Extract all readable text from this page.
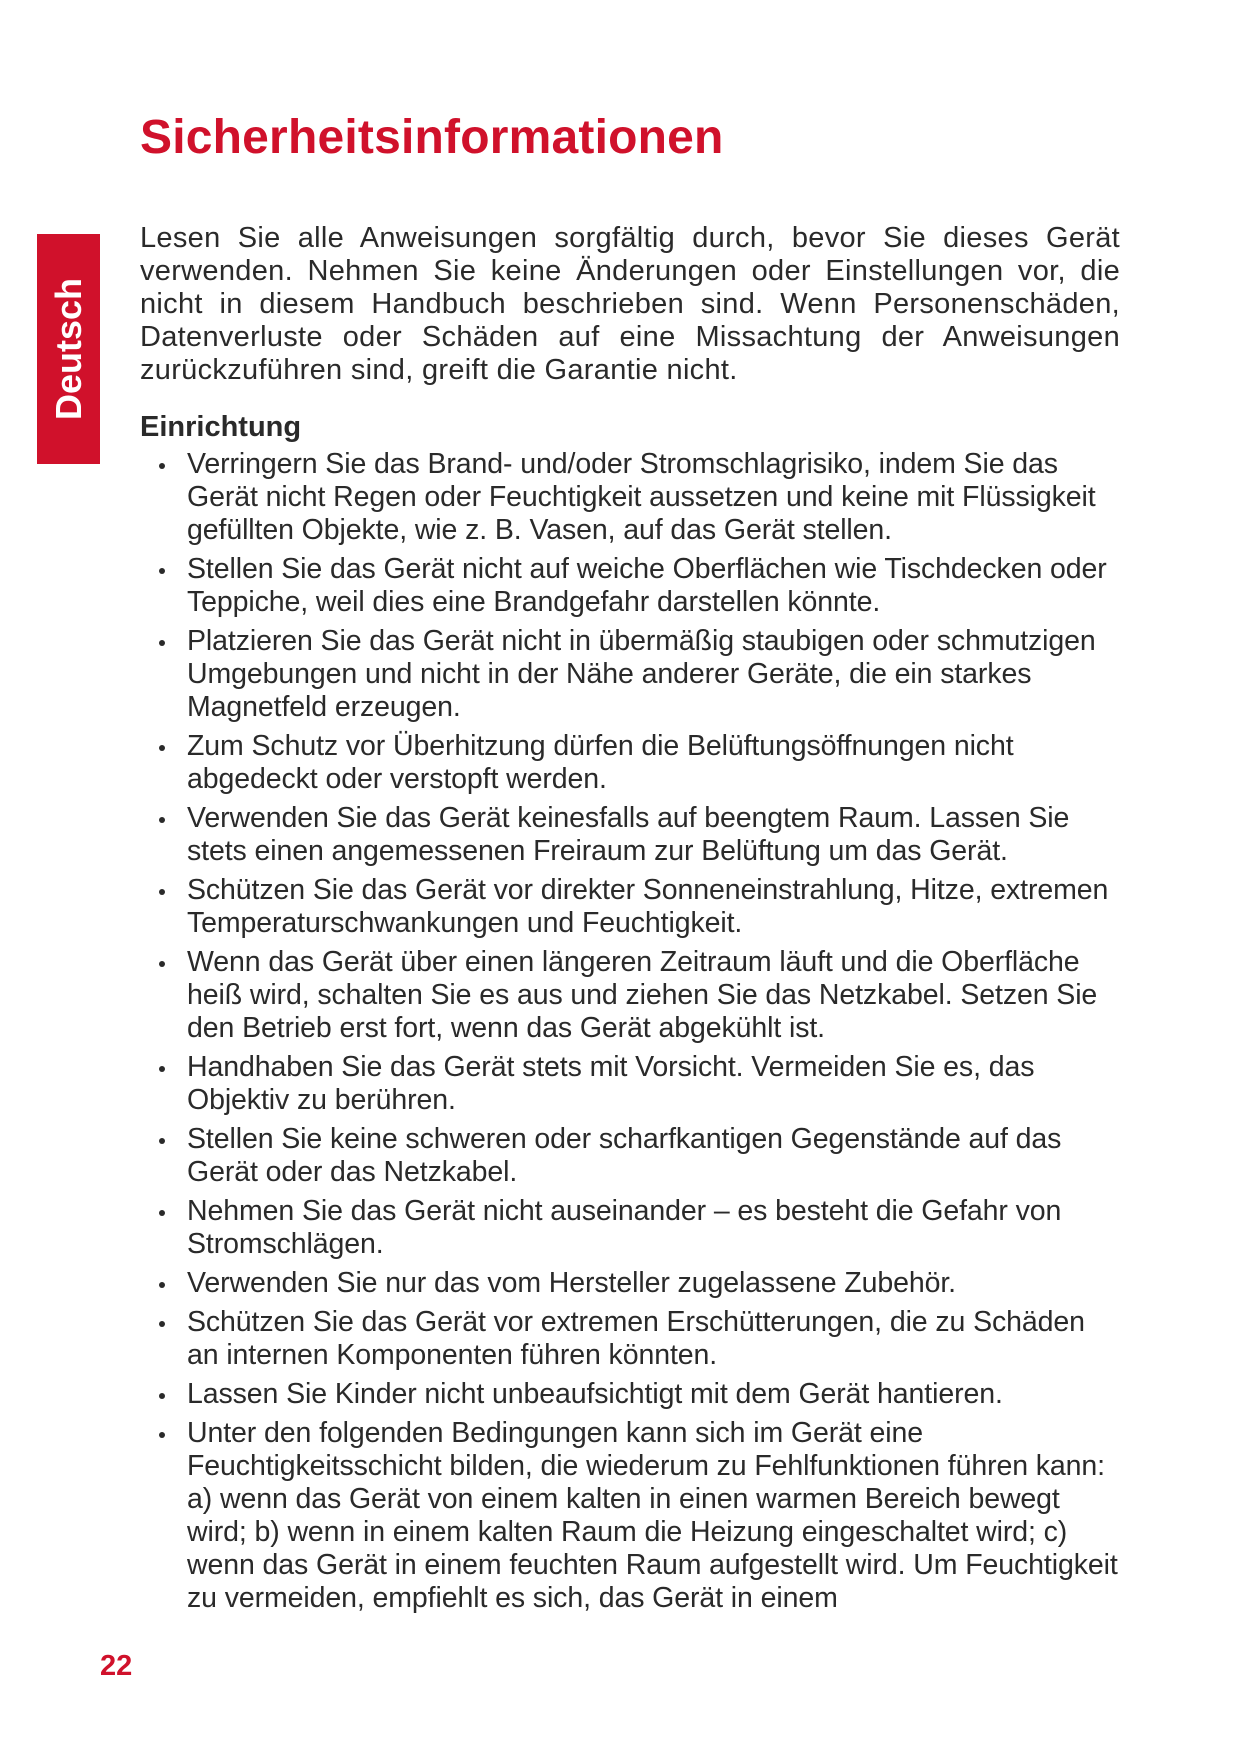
Sicherheitsinformationen
Deutsch

Lesen Sie alle Anweisungen sorgfältig durch, bevor Sie dieses Gerät verwenden. Nehmen Sie keine Änderungen oder Einstellungen vor, die nicht in diesem Handbuch beschrieben sind. Wenn Personenschäden, Datenverluste oder Schäden auf eine Missachtung der Anweisungen zurückzuführen sind, greift die Garantie nicht.

Einrichtung
Verringern Sie das Brand- und/oder Stromschlagrisiko, indem Sie das Gerät nicht Regen oder Feuchtigkeit aussetzen und keine mit Flüssigkeit gefüllten Objekte, wie z. B. Vasen, auf das Gerät stellen.
Stellen Sie das Gerät nicht auf weiche Oberflächen wie Tischdecken oder Teppiche, weil dies eine Brandgefahr darstellen könnte.
Platzieren Sie das Gerät nicht in übermäßig staubigen oder schmutzigen Umgebungen und nicht in der Nähe anderer Geräte, die ein starkes Magnetfeld erzeugen.
Zum Schutz vor Überhitzung dürfen die Belüftungsöffnungen nicht abgedeckt oder verstopft werden.
Verwenden Sie das Gerät keinesfalls auf beengtem Raum. Lassen Sie stets einen angemessenen Freiraum zur Belüftung um das Gerät.
Schützen Sie das Gerät vor direkter Sonneneinstrahlung, Hitze, extremen Temperaturschwankungen und Feuchtigkeit.
Wenn das Gerät über einen längeren Zeitraum läuft und die Oberfläche heiß wird, schalten Sie es aus und ziehen Sie das Netzkabel. Setzen Sie den Betrieb erst fort, wenn das Gerät abgekühlt ist.
Handhaben Sie das Gerät stets mit Vorsicht. Vermeiden Sie es, das Objektiv zu berühren.
Stellen Sie keine schweren oder scharfkantigen Gegenstände auf das Gerät oder das Netzkabel.
Nehmen Sie das Gerät nicht auseinander – es besteht die Gefahr von Stromschlägen.
Verwenden Sie nur das vom Hersteller zugelassene Zubehör.
Schützen Sie das Gerät vor extremen Erschütterungen, die zu Schäden an internen Komponenten führen könnten.
Lassen Sie Kinder nicht unbeaufsichtigt mit dem Gerät hantieren.
Unter den folgenden Bedingungen kann sich im Gerät eine Feuchtigkeitsschicht bilden, die wiederum zu Fehlfunktionen führen kann: a) wenn das Gerät von einem kalten in einen warmen Bereich bewegt wird; b) wenn in einem kalten Raum die Heizung eingeschaltet wird; c) wenn das Gerät in einem feuchten Raum aufgestellt wird. Um Feuchtigkeit zu vermeiden, empfiehlt es sich, das Gerät in einem
22
